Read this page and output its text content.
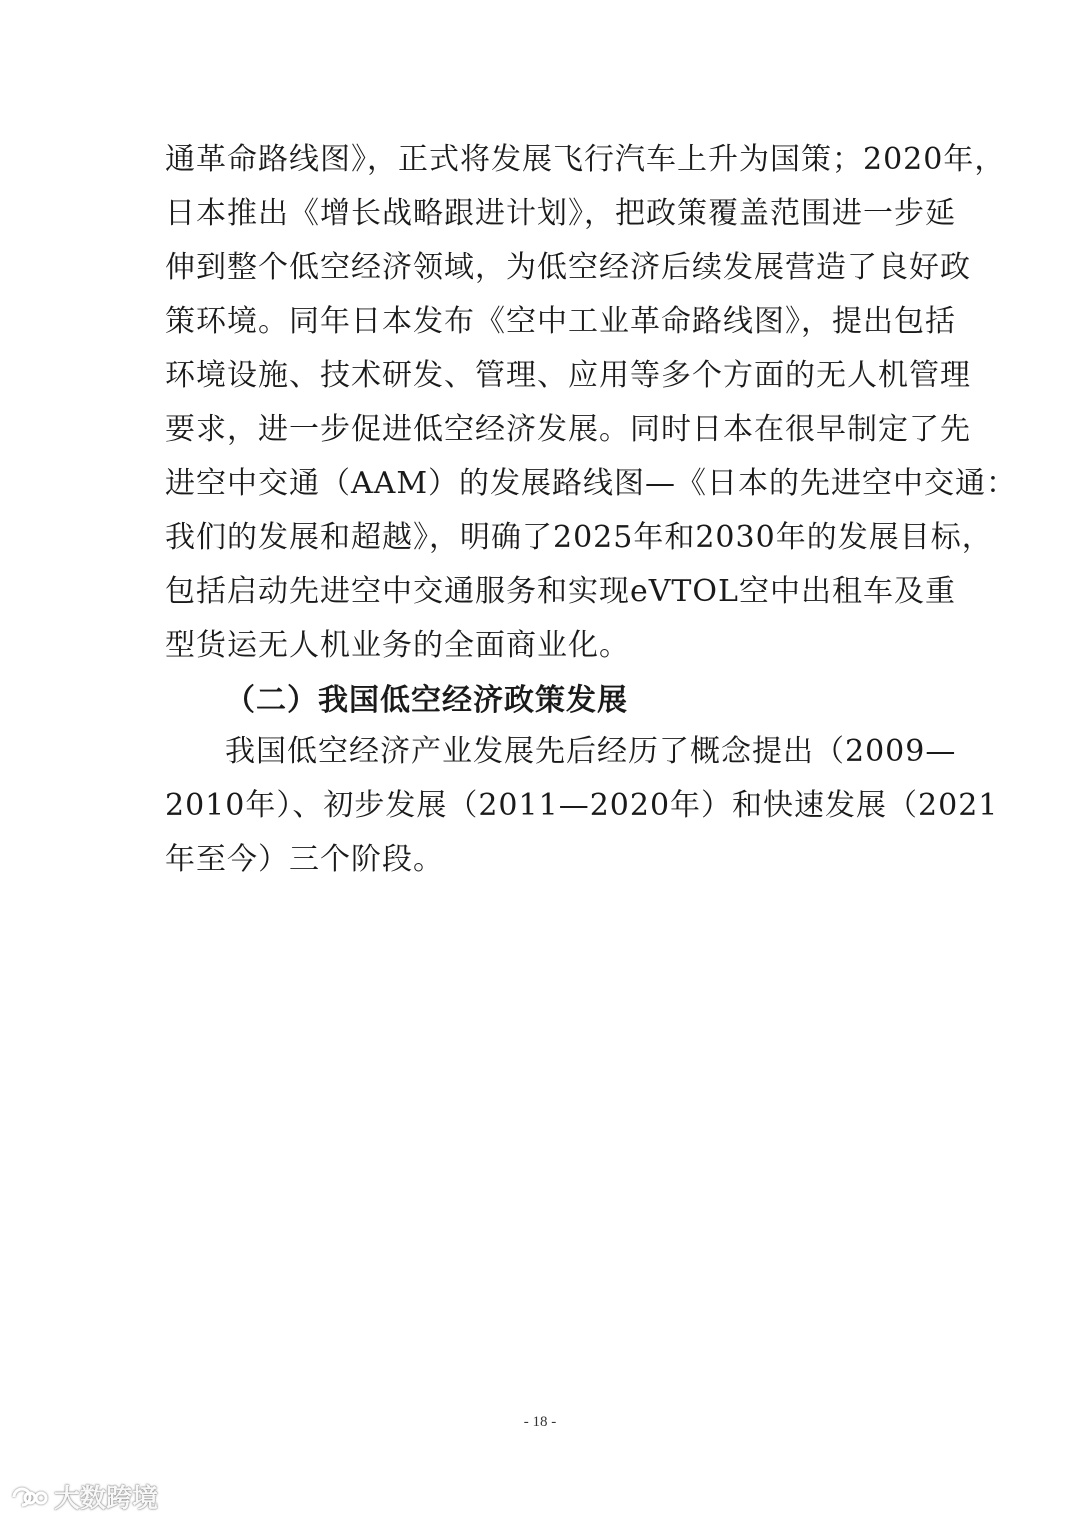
通革命路线图》，正式将发展飞行汽车上升为国策；2020年，
日本推出《增长战略跟进计划》，把政策覆盖范围进一步延
伸到整个低空经济领域，为低空经济后续发展营造了良好政
策环境。同年日本发布《空中工业革命路线图》，提出包括
环境设施、技术研发、管理、应用等多个方面的无人机管理
要求，进一步促进低空经济发展。同时日本在很早制定了先
进空中交通（AAM）的发展路线图—《日本的先进空中交通：
我们的发展和超越》，明确了2025年和2030年的发展目标，
包括启动先进空中交通服务和实现eVTOL空中出租车及重
型货运无人机业务的全面商业化。
（二）我国低空经济政策发展
我国低空经济产业发展先后经历了概念提出（2009—
2010年）、初步发展（2011—2020年）和快速发展（2021
年至今）三个阶段。
- 18 -
大数跨境
